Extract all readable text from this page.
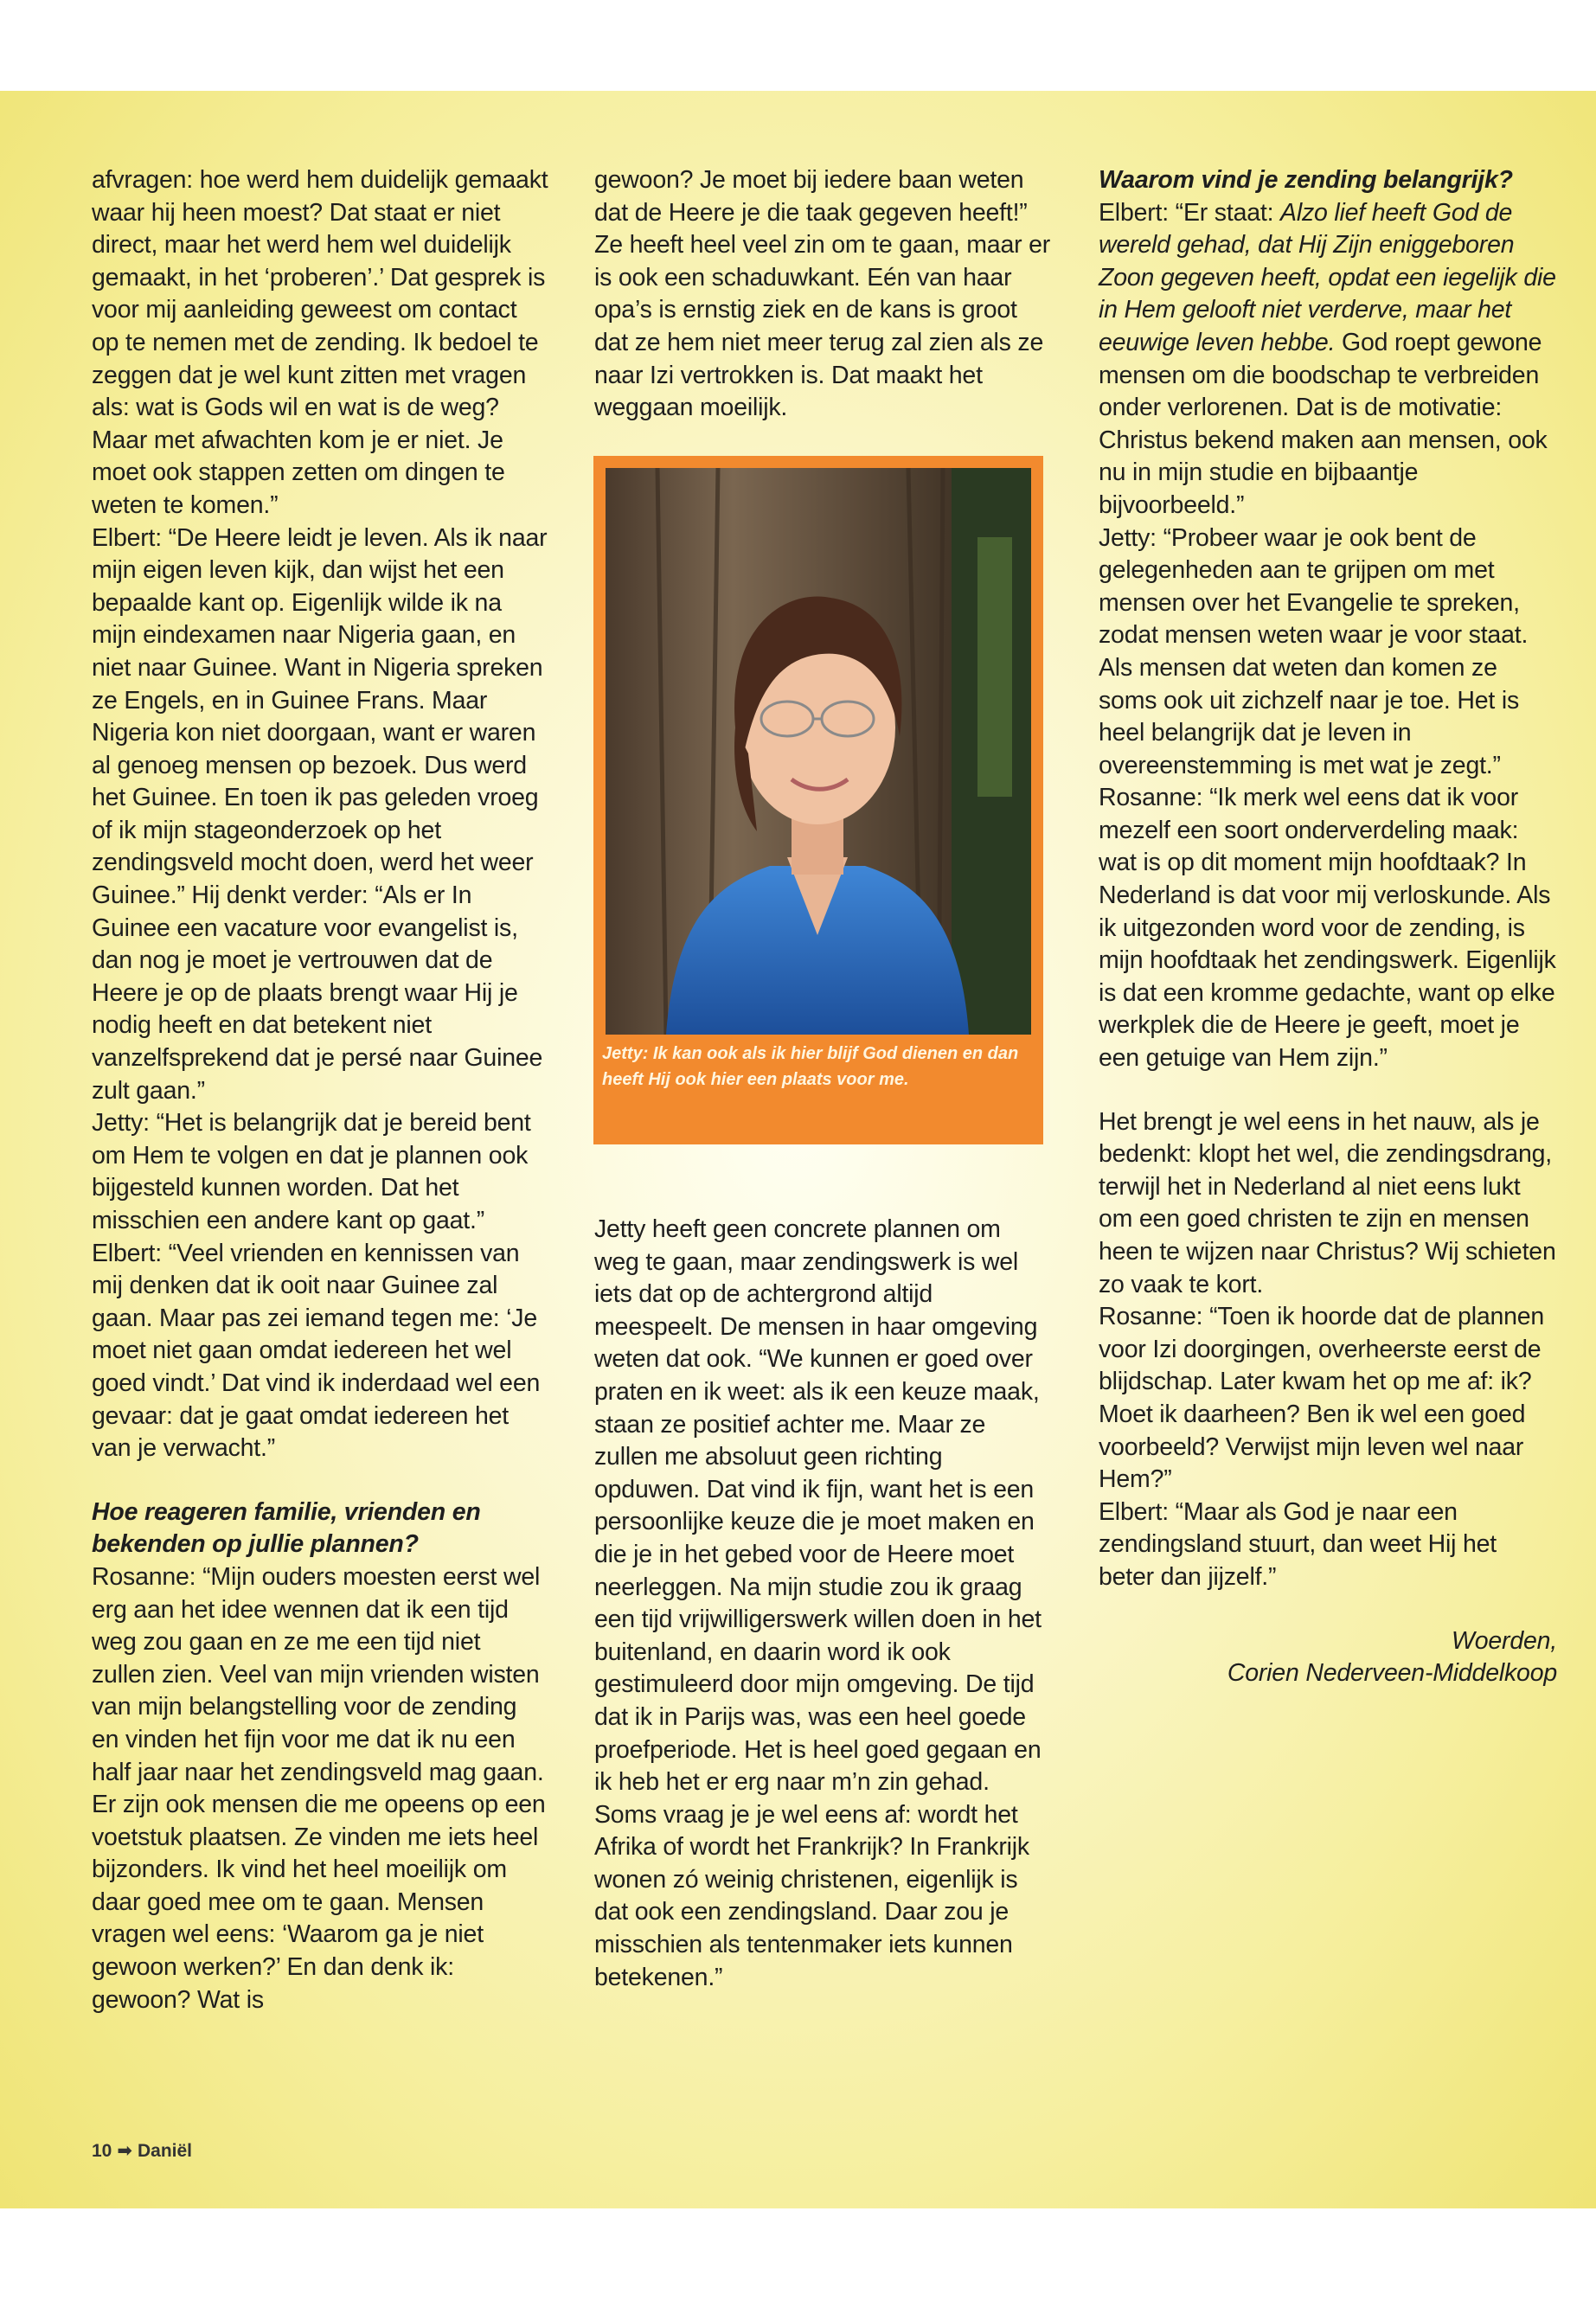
afvragen: hoe werd hem duidelijk gemaakt waar hij heen moest? Dat staat er niet direct, maar het werd hem wel duidelijk gemaakt, in het ‘proberen’.’ Dat gesprek is voor mij aanleiding geweest om contact op te nemen met de zending. Ik bedoel te zeggen dat je wel kunt zitten met vragen als: wat is Gods wil en wat is de weg? Maar met afwachten kom je er niet. Je moet ook stappen zetten om dingen te weten te komen.”

Elbert: “De Heere leidt je leven. Als ik naar mijn eigen leven kijk, dan wijst het een bepaalde kant op. Eigenlijk wilde ik na mijn eindexamen naar Nigeria gaan, en niet naar Guinee. Want in Nigeria spreken ze Engels, en in Guinee Frans. Maar Nigeria kon niet doorgaan, want er waren al genoeg mensen op bezoek. Dus werd het Guinee. En toen ik pas geleden vroeg of ik mijn stageonderzoek op het zendingsveld mocht doen, werd het weer Guinee.” Hij denkt verder: “Als er In Guinee een vacature voor evangelist is, dan nog je moet je vertrouwen dat de Heere je op de plaats brengt waar Hij je nodig heeft en dat betekent niet vanzelfsprekend dat je persé naar Guinee zult gaan.”

Jetty: “Het is belangrijk dat je bereid bent om Hem te volgen en dat je plannen ook bijgesteld kunnen worden. Dat het misschien een andere kant op gaat.”

Elbert: “Veel vrienden en kennissen van mij denken dat ik ooit naar Guinee zal gaan. Maar pas zei iemand tegen me: ‘Je moet niet gaan omdat iedereen het wel goed vindt.’ Dat vind ik inderdaad wel een gevaar: dat je gaat omdat iedereen het van je verwacht.”

Hoe reageren familie, vrienden en bekenden op jullie plannen?

Rosanne: “Mijn ouders moesten eerst wel erg aan het idee wennen dat ik een tijd weg zou gaan en ze me een tijd niet zullen zien. Veel van mijn vrienden wisten van mijn belangstelling voor de zending en vinden het fijn voor me dat ik nu een half jaar naar het zendingsveld mag gaan. Er zijn ook mensen die me opeens op een voetstuk plaatsen. Ze vinden me iets heel bijzonders. Ik vind het heel moeilijk om daar goed mee om te gaan. Mensen vragen wel eens: ‘Waarom ga je niet gewoon werken?’ En dan denk ik: gewoon? Wat is

gewoon? Je moet bij iedere baan weten dat de Heere je die taak gegeven heeft!” Ze heeft heel veel zin om te gaan, maar er is ook een schaduwkant. Eén van haar opa’s is ernstig ziek en de kans is groot dat ze hem niet meer terug zal zien als ze naar Izi vertrokken is. Dat maakt het weggaan moeilijk.

Jetty: Ik kan ook als ik hier blijf God dienen en dan heeft Hij ook hier een plaats voor me.

Jetty heeft geen concrete plannen om weg te gaan, maar zendingswerk is wel iets dat op de achtergrond altijd meespeelt. De mensen in haar omgeving weten dat ook. “We kunnen er goed over praten en ik weet: als ik een keuze maak, staan ze positief achter me. Maar ze zullen me absoluut geen richting opduwen. Dat vind ik fijn, want het is een persoonlijke keuze die je moet maken en die je in het gebed voor de Heere moet neerleggen. Na mijn studie zou ik graag een tijd vrijwilligerswerk willen doen in het buitenland, en daarin word ik ook gestimuleerd door mijn omgeving. De tijd dat ik in Parijs was, was een heel goede proefperiode. Het is heel goed gegaan en ik heb het er erg naar m’n zin gehad. Soms vraag je je wel eens af: wordt het Afrika of wordt het Frankrijk? In Frankrijk wonen zó weinig christenen, eigenlijk is dat ook een zendingsland. Daar zou je misschien als tentenmaker iets kunnen betekenen.”

Waarom vind je zending belangrijk?

Elbert: “Er staat: Alzo lief heeft God de wereld gehad, dat Hij Zijn eniggeboren Zoon gegeven heeft, opdat een iegelijk die in Hem gelooft niet verderve, maar het eeuwige leven hebbe. God roept gewone mensen om die boodschap te verbreiden onder verlorenen. Dat is de motivatie: Christus bekend maken aan mensen, ook nu in mijn studie en bijbaantje bijvoorbeeld.”

Jetty: “Probeer waar je ook bent de gelegenheden aan te grijpen om met mensen over het Evangelie te spreken, zodat mensen weten waar je voor staat. Als mensen dat weten dan komen ze soms ook uit zichzelf naar je toe. Het is heel belangrijk dat je leven in overeenstemming is met wat je zegt.”

Rosanne: “Ik merk wel eens dat ik voor mezelf een soort onderverdeling maak: wat is op dit moment mijn hoofdtaak? In Nederland is dat voor mij verloskunde. Als ik uitgezonden word voor de zending, is mijn hoofdtaak het zendingswerk. Eigenlijk is dat een kromme gedachte, want op elke werkplek die de Heere je geeft, moet je een getuige van Hem zijn.”

Het brengt je wel eens in het nauw, als je bedenkt: klopt het wel, die zendingsdrang, terwijl het in Nederland al niet eens lukt om een goed christen te zijn en mensen heen te wijzen naar Christus? Wij schieten zo vaak te kort.

Rosanne: “Toen ik hoorde dat de plannen voor Izi doorgingen, overheerste eerst de blijdschap. Later kwam het op me af: ik? Moet ik daarheen? Ben ik wel een goed voorbeeld? Verwijst mijn leven wel naar Hem?”

Elbert: “Maar als God je naar een zendingsland stuurt, dan weet Hij het beter dan jijzelf.”

Woerden,

Corien Nederveen-Middelkoop

10 ➡ Daniël
